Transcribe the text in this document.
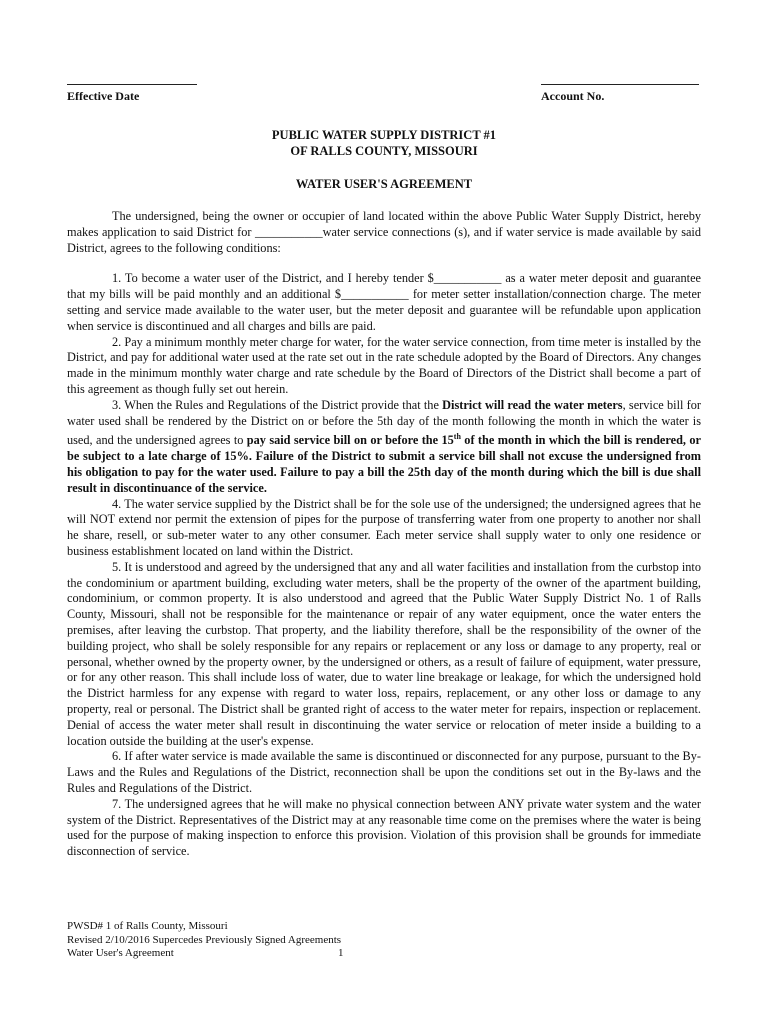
Effective Date	Account No.
PUBLIC WATER SUPPLY DISTRICT #1
OF RALLS COUNTY, MISSOURI
WATER USER'S AGREEMENT

The undersigned, being the owner or occupier of land located within the above Public Water Supply District, hereby makes application to said District for ___________water service connections (s), and if water service is made available by said District, agrees to the following conditions:

1. To become a water user of the District, and I hereby tender $___________ as a water meter deposit and guarantee that my bills will be paid monthly and an additional $___________ for meter setter installation/connection charge. The meter setting and service made available to the water user, but the meter deposit and guarantee will be refundable upon application when service is discontinued and all charges and bills are paid.

2. Pay a minimum monthly meter charge for water, for the water service connection, from time meter is installed by the District, and pay for additional water used at the rate set out in the rate schedule adopted by the Board of Directors. Any changes made in the minimum monthly water charge and rate schedule by the Board of Directors of the District shall become a part of this agreement as though fully set out herein.

3. When the Rules and Regulations of the District provide that the District will read the water meters, service bill for water used shall be rendered by the District on or before the 5th day of the month following the month in which the water is used, and the undersigned agrees to pay said service bill on or before the 15th of the month in which the bill is rendered, or be subject to a late charge of 15%. Failure of the District to submit a service bill shall not excuse the undersigned from his obligation to pay for the water used. Failure to pay a bill the 25th day of the month during which the bill is due shall result in discontinuance of the service.

4. The water service supplied by the District shall be for the sole use of the undersigned; the undersigned agrees that he will NOT extend nor permit the extension of pipes for the purpose of transferring water from one property to another nor shall he share, resell, or sub-meter water to any other consumer. Each meter service shall supply water to only one residence or business establishment located on land within the District.

5. It is understood and agreed by the undersigned that any and all water facilities and installation from the curbstop into the condominium or apartment building, excluding water meters, shall be the property of the owner of the apartment building, condominium, or common property. It is also understood and agreed that the Public Water Supply District No. 1 of Ralls County, Missouri, shall not be responsible for the maintenance or repair of any water equipment, once the water enters the premises, after leaving the curbstop. That property, and the liability therefore, shall be the responsibility of the owner of the building project, who shall be solely responsible for any repairs or replacement or any loss or damage to any property, real or personal, whether owned by the property owner, by the undersigned or others, as a result of failure of equipment, water pressure, or for any other reason. This shall include loss of water, due to water line breakage or leakage, for which the undersigned hold the District harmless for any expense with regard to water loss, repairs, replacement, or any other loss or damage to any property, real or personal. The District shall be granted right of access to the water meter for repairs, inspection or replacement. Denial of access the water meter shall result in discontinuing the water service or relocation of meter inside a building to a location outside the building at the user's expense.

6. If after water service is made available the same is discontinued or disconnected for any purpose, pursuant to the By-Laws and the Rules and Regulations of the District, reconnection shall be upon the conditions set out in the By-laws and the Rules and Regulations of the District.

7. The undersigned agrees that he will make no physical connection between ANY private water system and the water system of the District. Representatives of the District may at any reasonable time come on the premises where the water is being used for the purpose of making inspection to enforce this provision. Violation of this provision shall be grounds for immediate disconnection of service.

PWSD# 1 of Ralls County, Missouri
Revised 2/10/2016 Supercedes Previously Signed Agreements
Water User's Agreement	1
